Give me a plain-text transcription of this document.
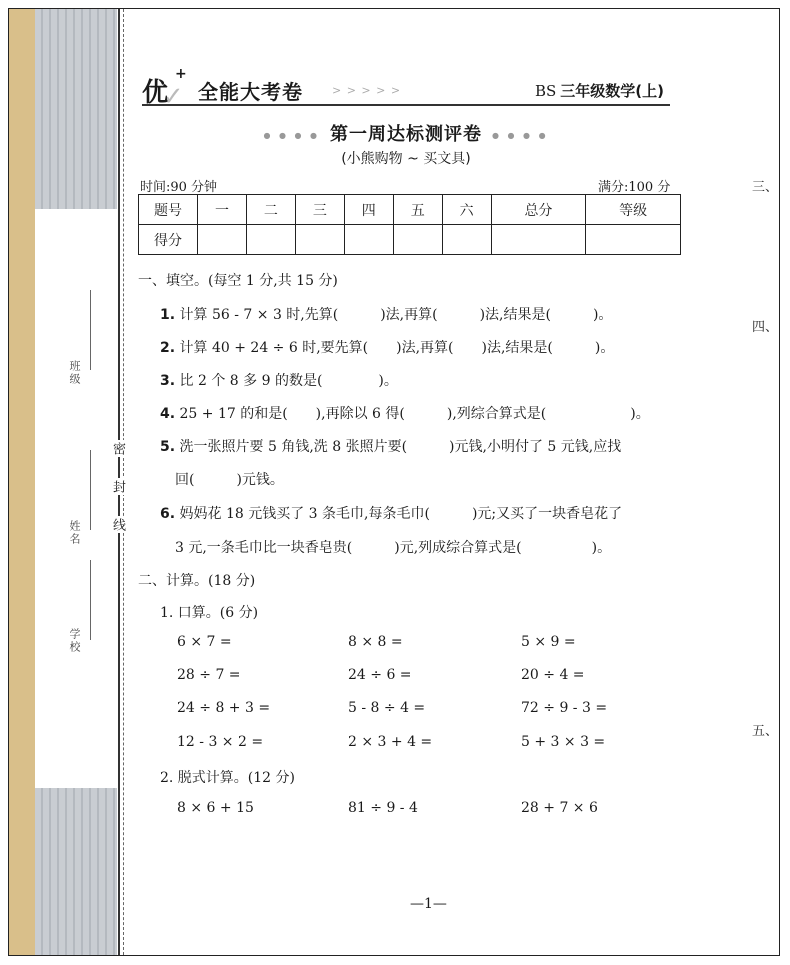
班级
姓名
学校
密
封
线
三、
四、
五、
✓
优
+
全能大考卷	> > > > >	BS 三年级数学(上)
● ● ● ● 第一周达标测评卷 ● ● ● ●
(小熊购物 ~ 买文具)
时间:90 分钟	满分:100 分
题号	一	二	三	四	五	六	总分	等级
得分								
一、填空。(每空 1 分,共 15 分)
1. 计算 56 - 7 × 3 时,先算(　　　)法,再算(　　　)法,结果是(　　　)。
2. 计算 40 + 24 ÷ 6 时,要先算(　　)法,再算(　　)法,结果是(　　　)。
3. 比 2 个 8 多 9 的数是(　　　　)。
4. 25 + 17 的和是(　　),再除以 6 得(　　　),列综合算式是(　　　　　　)。
5. 洗一张照片要 5 角钱,洗 8 张照片要(　　　)元钱,小明付了 5 元钱,应找
回(　　　)元钱。
6. 妈妈花 18 元钱买了 3 条毛巾,每条毛巾(　　　)元;又买了一块香皂花了
3 元,一条毛巾比一块香皂贵(　　　)元,列成综合算式是(　　　　　)。
二、计算。(18 分)
1. 口算。(6 分)
6 × 7 =	8 × 8 =	5 × 9 =
28 ÷ 7 =	24 ÷ 6 =	20 ÷ 4 =
24 ÷ 8 + 3 =	5 - 8 ÷ 4 =	72 ÷ 9 - 3 =
12 - 3 × 2 =	2 × 3 + 4 =	5 + 3 × 3 =
2. 脱式计算。(12 分)
8 × 6 + 15	81 ÷ 9 - 4	28 + 7 × 6
—1—
